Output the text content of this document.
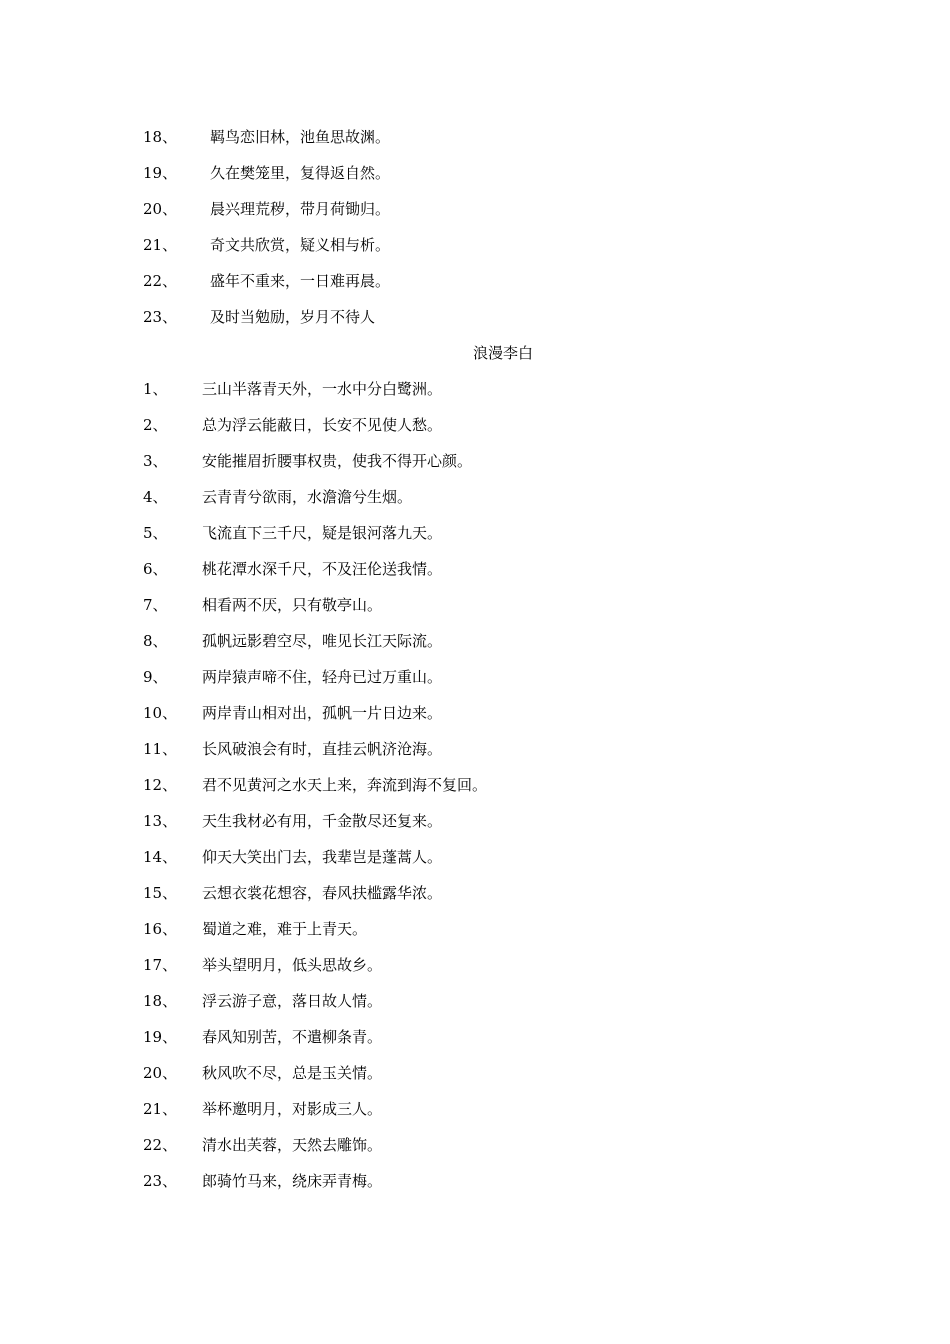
18、 羁鸟恋旧林，池鱼思故渊。
19、 久在樊笼里，复得返自然。
20、 晨兴理荒秽，带月荷锄归。
21、 奇文共欣赏，疑义相与析。
22、 盛年不重来，一日难再晨。
23、 及时当勉励，岁月不待人
浪漫李白
1、 三山半落青天外，一水中分白鹭洲。
2、 总为浮云能蔽日，长安不见使人愁。
3、 安能摧眉折腰事权贵，使我不得开心颜。
4、 云青青兮欲雨，水澹澹兮生烟。
5、 飞流直下三千尺，疑是银河落九天。
6、 桃花潭水深千尺，不及汪伦送我情。
7、 相看两不厌，只有敬亭山。
8、 孤帆远影碧空尽，唯见长江天际流。
9、 两岸猿声啼不住，轻舟已过万重山。
10、 两岸青山相对出，孤帆一片日边来。
11、 长风破浪会有时，直挂云帆济沧海。
12、 君不见黄河之水天上来，奔流到海不复回。
13、 天生我材必有用，千金散尽还复来。
14、 仰天大笑出门去，我辈岂是蓬蒿人。
15、 云想衣裳花想容，春风扶槛露华浓。
16、 蜀道之难，难于上青天。
17、 举头望明月，低头思故乡。
18、 浮云游子意，落日故人情。
19、 春风知别苦，不遣柳条青。
20、 秋风吹不尽，总是玉关情。
21、 举杯邀明月，对影成三人。
22、 清水出芙蓉，天然去雕饰。
23、 郎骑竹马来，绕床弄青梅。
